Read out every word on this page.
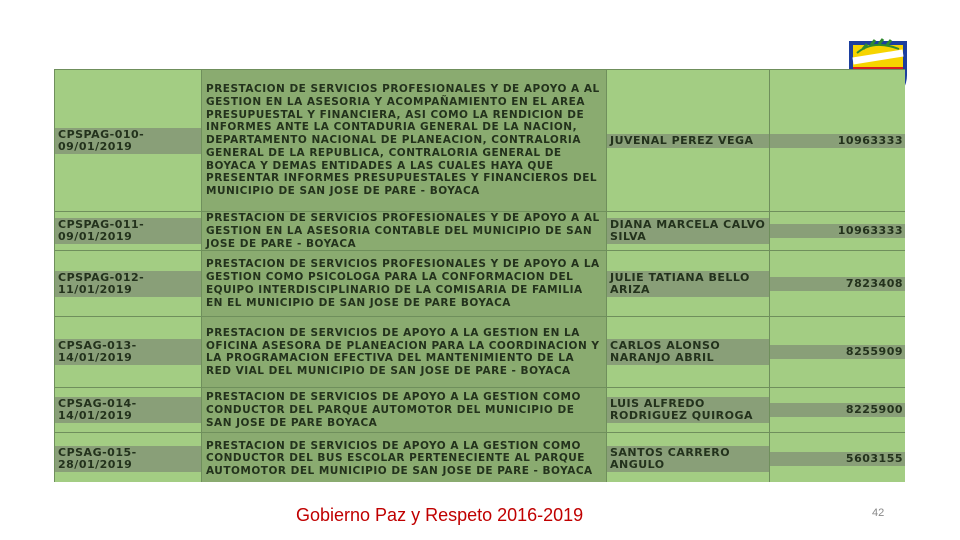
CPSPAG-010-09/01/2019	PRESTACION DE SERVICIOS PROFESIONALES Y DE APOYO A AL GESTION EN LA ASESORIA Y ACOMPAÑAMIENTO EN EL AREA PRESUPUESTAL Y FINANCIERA, ASI COMO LA RENDICION DE INFORMES ANTE LA CONTADURIA GENERAL DE LA NACION, DEPARTAMENTO NACIONAL DE PLANEACION, CONTRALORIA GENERAL DE LA REPUBLICA, CONTRALORIA GENERAL DE BOYACA Y DEMAS ENTIDADES A LAS CUALES HAYA QUE PRESENTAR INFORMES PRESUPUESTALES Y FINANCIEROS DEL MUNICIPIO DE SAN JOSE DE PARE - BOYACA	JUVENAL PEREZ VEGA	10963333

CPSPAG-011-09/01/2019	PRESTACION DE SERVICIOS PROFESIONALES Y DE APOYO A AL GESTION EN LA ASESORIA CONTABLE DEL MUNICIPIO DE SAN JOSE DE PARE - BOYACA	DIANA MARCELA CALVO SILVA	10963333

CPSPAG-012-11/01/2019	PRESTACION DE SERVICIOS PROFESIONALES Y DE APOYO A LA GESTION COMO PSICOLOGA PARA LA CONFORMACION DEL EQUIPO INTERDISCIPLINARIO DE LA COMISARIA DE FAMILIA EN EL MUNICIPIO DE SAN JOSE DE PARE BOYACA	JULIE TATIANA BELLO ARIZA	7823408

CPSAG-013-14/01/2019	PRESTACION DE SERVICIOS DE APOYO A LA GESTION EN LA OFICINA ASESORA DE PLANEACION PARA LA COORDINACION Y LA PROGRAMACION EFECTIVA DEL MANTENIMIENTO DE LA RED VIAL DEL MUNICIPIO DE SAN JOSE DE PARE - BOYACA	CARLOS ALONSO NARANJO ABRIL	8255909

CPSAG-014-14/01/2019	PRESTACION DE SERVICIOS DE APOYO A LA GESTION COMO CONDUCTOR DEL PARQUE AUTOMOTOR DEL MUNICIPIO DE SAN JOSE DE PARE BOYACA	LUIS ALFREDO RODRIGUEZ QUIROGA	8225900

CPSAG-015-28/01/2019	PRESTACION DE SERVICIOS DE APOYO A LA GESTION COMO CONDUCTOR DEL BUS ESCOLAR PERTENECIENTE AL PARQUE AUTOMOTOR DEL MUNICIPIO DE SAN JOSE DE PARE - BOYACA	SANTOS CARRERO ANGULO	5603155
Gobierno Paz y Respeto 2016-2019	42
